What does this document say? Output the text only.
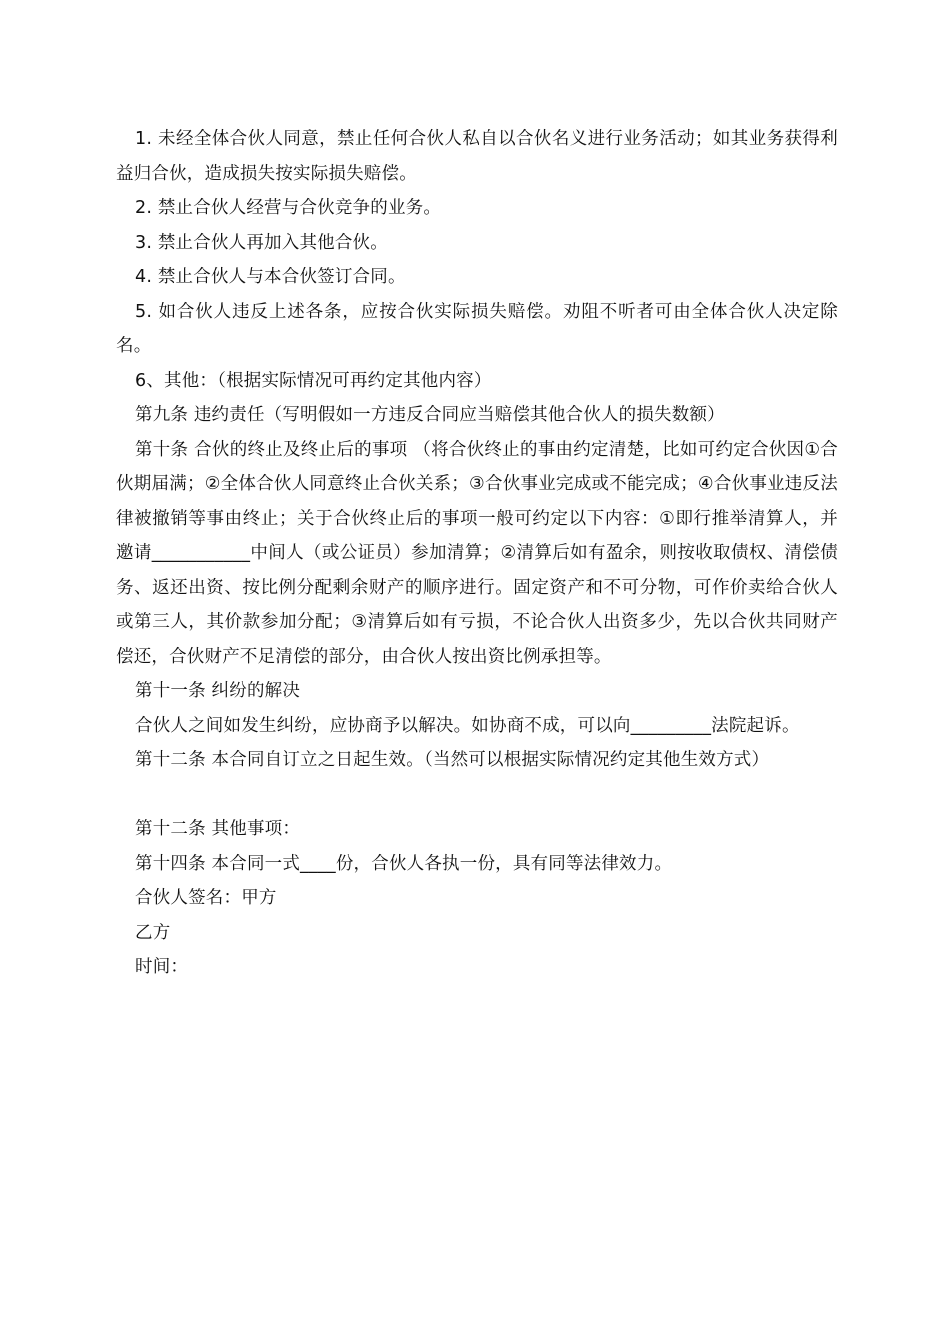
1. 未经全体合伙人同意，禁止任何合伙人私自以合伙名义进行业务活动；如其业务获得利益归合伙，造成损失按实际损失赔偿。

2. 禁止合伙人经营与合伙竞争的业务。

3. 禁止合伙人再加入其他合伙。

4. 禁止合伙人与本合伙签订合同。

5. 如合伙人违反上述各条，应按合伙实际损失赔偿。劝阻不听者可由全体合伙人决定除名。

6、其他：（根据实际情况可再约定其他内容）

第九条 违约责任（写明假如一方违反合同应当赔偿其他合伙人的损失数额）

第十条 合伙的终止及终止后的事项 （将合伙终止的事由约定清楚，比如可约定合伙因①合伙期届满；②全体合伙人同意终止合伙关系；③合伙事业完成或不能完成；④合伙事业违反法律被撤销等事由终止；关于合伙终止后的事项一般可约定以下内容：①即行推举清算人，并邀请___________中间人（或公证员）参加清算；②清算后如有盈余，则按收取债权、清偿债务、返还出资、按比例分配剩余财产的顺序进行。固定资产和不可分物，可作价卖给合伙人或第三人，其价款参加分配；③清算后如有亏损，不论合伙人出资多少，先以合伙共同财产偿还，合伙财产不足清偿的部分，由合伙人按出资比例承担等。

第十一条 纠纷的解决

合伙人之间如发生纠纷，应协商予以解决。如协商不成，可以向_________法院起诉。

第十二条 本合同自订立之日起生效。（当然可以根据实际情况约定其他生效方式）

第十二条 其他事项：

第十四条 本合同一式____份，合伙人各执一份，具有同等法律效力。

合伙人签名：甲方

乙方

时间：
